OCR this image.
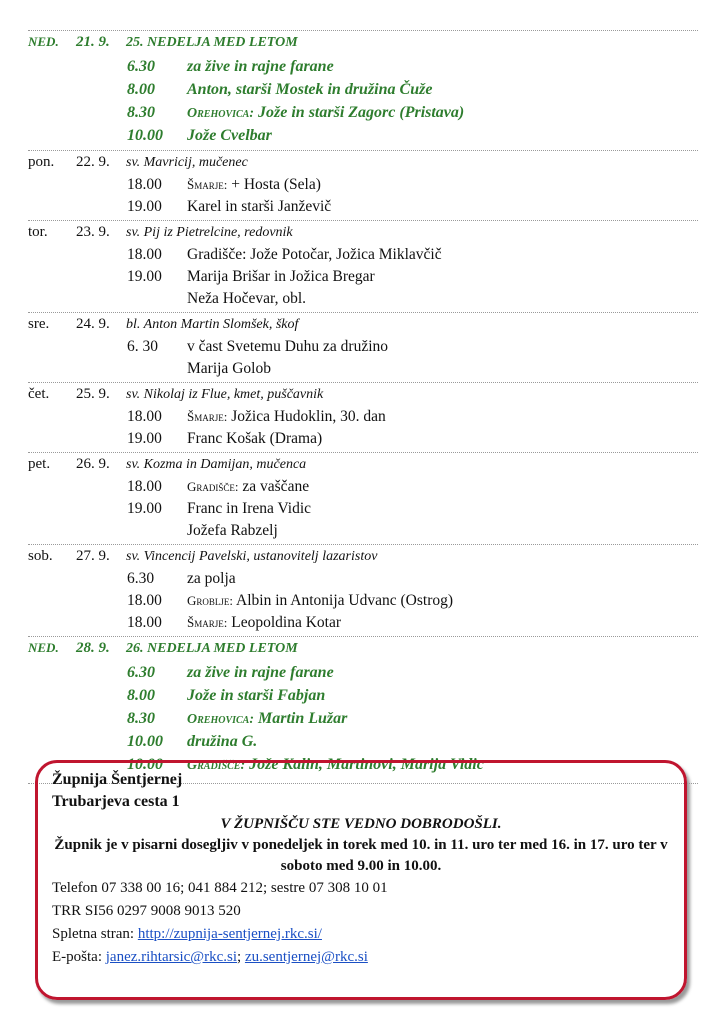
NED.	21. 9.	25. NEDELJA MED LETOM
6.30	za žive in rajne farane
8.00	Anton, starši Mostek in družina Čuže
8.30	Orehovica: Jože in starši Zagorc (Pristava)
10.00	Jože Cvelbar
pon.	22. 9.	sv. Mavricij, mučenec
18.00	Šmarje: + Hosta (Sela)
19.00	Karel in starši Janževič
tor.	23. 9.	sv. Pij iz Pietrelcine, redovnik
18.00	Gradišče: Jože Potočar, Jožica Miklavčič
19.00	Marija Brišar in Jožica Bregar
Neža Hočevar, obl.
sre.	24. 9.	bl. Anton Martin Slomšek, škof
6. 30	v čast Svetemu Duhu za družino
Marija Golob
čet.	25. 9.	sv. Nikolaj iz Flue, kmet, puščavnik
18.00	Šmarje: Jožica Hudoklin, 30. dan
19.00	Franc Košak (Drama)
pet.	26. 9.	sv. Kozma in Damijan, mučenca
18.00	Gradišče: za vaščane
19.00	Franc in Irena Vidic
Jožefa Rabzelj
sob.	27. 9.	sv. Vincencij Pavelski, ustanovitelj lazaristov
6.30	za polja
18.00	Groblje: Albin in Antonija Udvanc (Ostrog)
18.00	Šmarje: Leopoldina Kotar
NED.	28. 9.	26. NEDELJA MED LETOM
6.30	za žive in rajne farane
8.00	Jože in starši Fabjan
8.30	Orehovica: Martin Lužar
10.00	družina G.
10.00	Gradišče: Jože Kalin, Martinovi, Marija Vidic
Župnija Šentjernej
Trubarjeva cesta 1
V ŽUPNIŠČU STE VEDNO DOBRODOŠLI.
Župnik je v pisarni dosegljiv v ponedeljek in torek med 10. in 11. uro ter med 16. in 17. uro ter v soboto med 9.00 in 10.00.
Telefon 07 338 00 16; 041 884 212; sestre 07 308 10 01
TRR SI56 0297 9008 9013 520
Spletna stran: http://zupnija-sentjernej.rkc.si/
E-pošta: janez.rihtarsic@rkc.si; zu.sentjernej@rkc.si
